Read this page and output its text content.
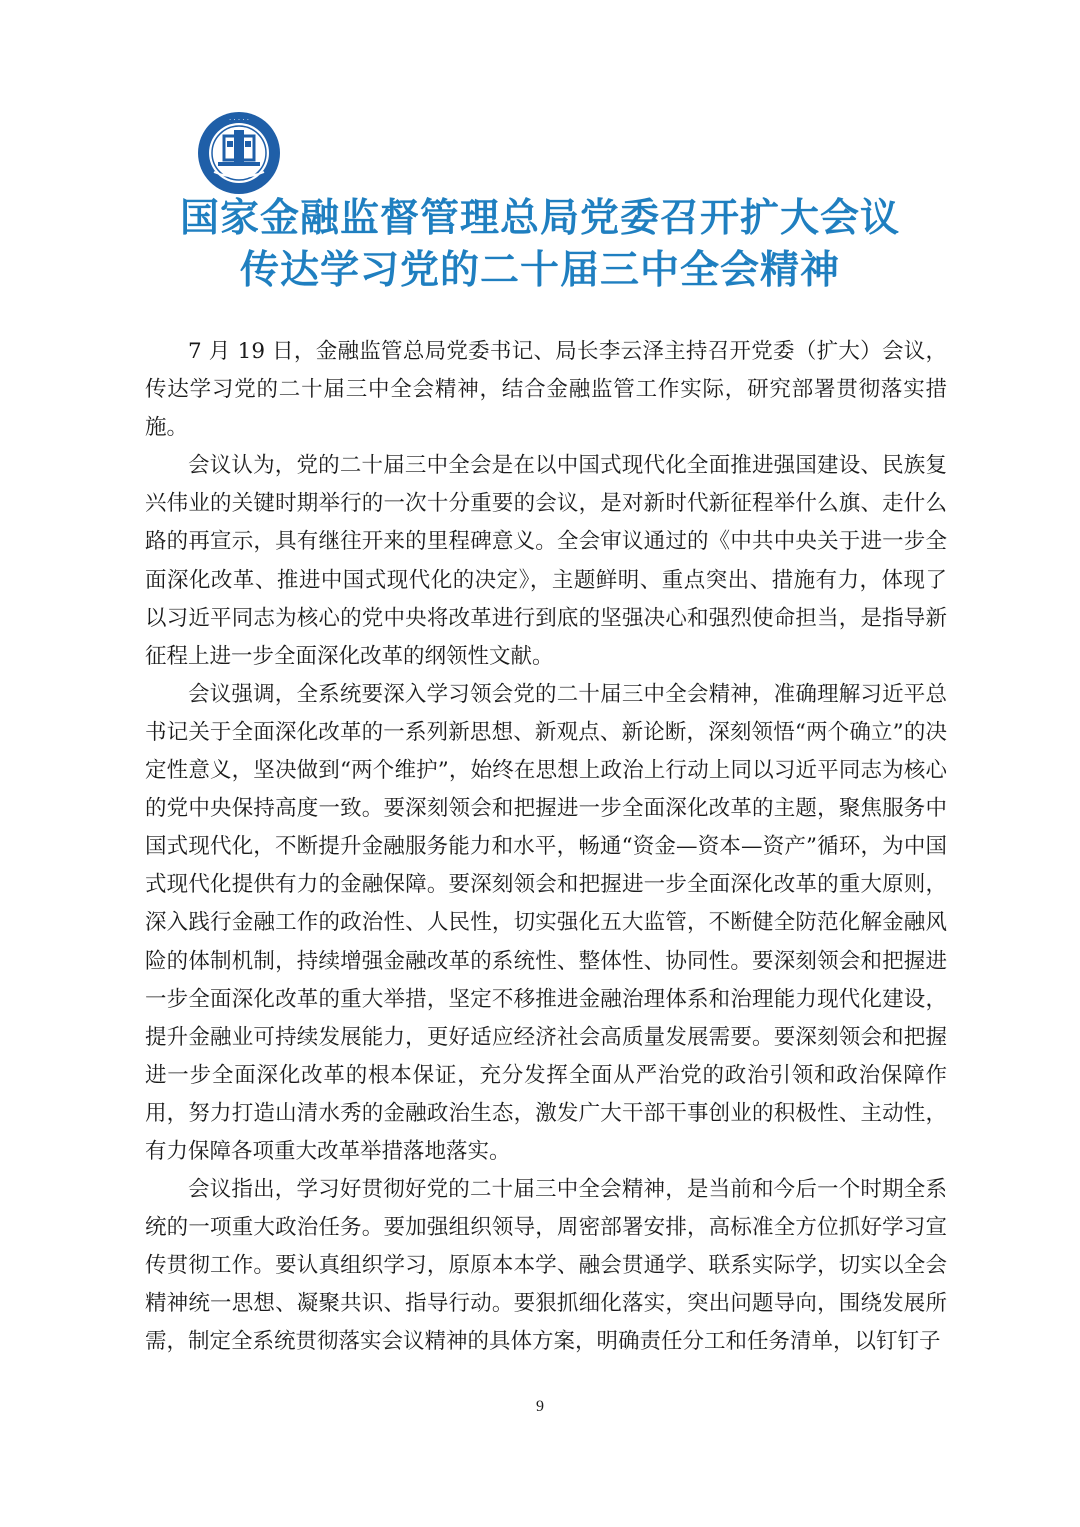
· · · · ·
国家金融监督管理总局党委召开扩大会议
传达学习党的二十届三中全会精神

7 月 19 日，金融监管总局党委书记、局长李云泽主持召开党委（扩大）会议，传达学习党的二十届三中全会精神，结合金融监管工作实际，研究部署贯彻落实措施。

会议认为，党的二十届三中全会是在以中国式现代化全面推进强国建设、民族复兴伟业的关键时期举行的一次十分重要的会议，是对新时代新征程举什么旗、走什么路的再宣示，具有继往开来的里程碑意义。全会审议通过的《中共中央关于进一步全面深化改革、推进中国式现代化的决定》，主题鲜明、重点突出、措施有力，体现了以习近平同志为核心的党中央将改革进行到底的坚强决心和强烈使命担当，是指导新征程上进一步全面深化改革的纲领性文献。

会议强调，全系统要深入学习领会党的二十届三中全会精神，准确理解习近平总书记关于全面深化改革的一系列新思想、新观点、新论断，深刻领悟“两个确立”的决定性意义，坚决做到“两个维护”，始终在思想上政治上行动上同以习近平同志为核心的党中央保持高度一致。要深刻领会和把握进一步全面深化改革的主题，聚焦服务中国式现代化，不断提升金融服务能力和水平，畅通“资金—资本—资产”循环，为中国式现代化提供有力的金融保障。要深刻领会和把握进一步全面深化改革的重大原则，深入践行金融工作的政治性、人民性，切实强化五大监管，不断健全防范化解金融风险的体制机制，持续增强金融改革的系统性、整体性、协同性。要深刻领会和把握进一步全面深化改革的重大举措，坚定不移推进金融治理体系和治理能力现代化建设，提升金融业可持续发展能力，更好适应经济社会高质量发展需要。要深刻领会和把握进一步全面深化改革的根本保证，充分发挥全面从严治党的政治引领和政治保障作用，努力打造山清水秀的金融政治生态，激发广大干部干事创业的积极性、主动性，有力保障各项重大改革举措落地落实。

会议指出，学习好贯彻好党的二十届三中全会精神，是当前和今后一个时期全系统的一项重大政治任务。要加强组织领导，周密部署安排，高标准全方位抓好学习宣传贯彻工作。要认真组织学习，原原本本学、融会贯通学、联系实际学，切实以全会精神统一思想、凝聚共识、指导行动。要狠抓细化落实，突出问题导向，围绕发展所需，制定全系统贯彻落实会议精神的具体方案，明确责任分工和任务清单，以钉钉子

9
